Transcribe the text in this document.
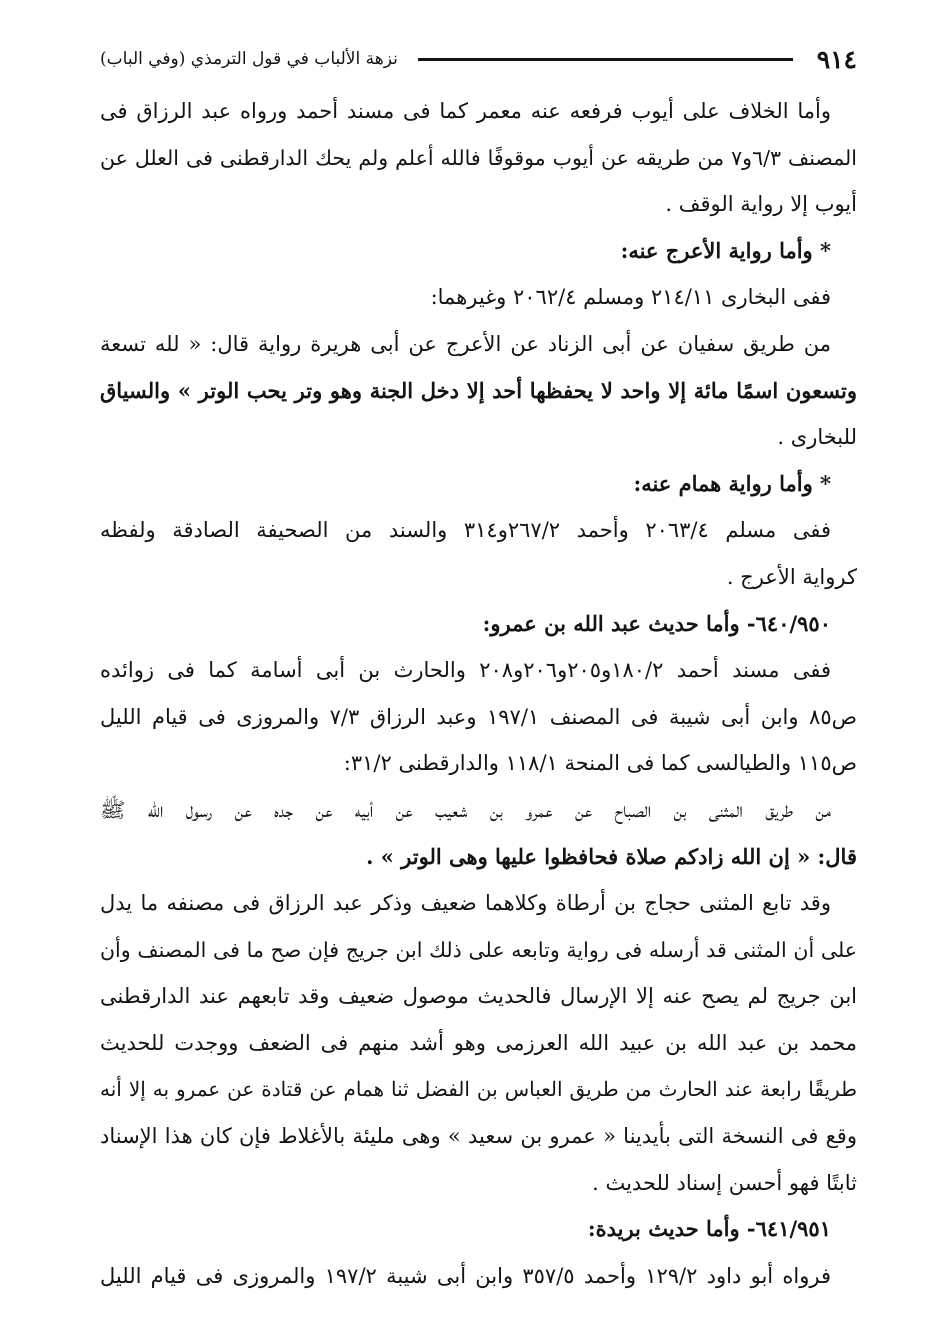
٩١٤
نزهة الألباب في قول الترمذي (وفي الباب)
وأما الخلاف على أيوب فرفعه عنه معمر كما فى مسند أحمد ورواه عبد الرزاق فى
المصنف ٦/٣و٧ من طريقه عن أيوب موقوفًا فالله أعلم ولم يحك الدارقطنى فى العلل عن
أيوب إلا رواية الوقف .
* وأما رواية الأعرج عنه:
ففى البخارى ٢١٤/١١ ومسلم ٢٠٦٢/٤ وغيرهما:
من طريق سفيان عن أبى الزناد عن الأعرج عن أبى هريرة رواية قال: « لله تسعة
وتسعون اسمًا مائة إلا واحد لا يحفظها أحد إلا دخل الجنة وهو وتر يحب الوتر » والسياق
للبخارى .
* وأما رواية همام عنه:
ففى مسلم ٢٠٦٣/٤ وأحمد ٢٦٧/٢و٣١٤ والسند من الصحيفة الصادقة ولفظه
كرواية الأعرج .
٦٤٠/٩٥٠- وأما حديث عبد الله بن عمرو:
ففى مسند أحمد ١٨٠/٢و٢٠٥و٢٠٦و٢٠٨ والحارث بن أبى أسامة كما فى زوائده
ص٨٥ وابن أبى شيبة فى المصنف ١٩٧/١ وعبد الرزاق ٧/٣ والمروزى فى قيام الليل
ص١١٥ والطيالسى كما فى المنحة ١١٨/١ والدارقطنى ٣١/٢:
من طريق المثنى بن الصباح عن عمرو بن شعيب عن أبيه عن جده عن رسول الله ﷺ
قال: « إن الله زادكم صلاة فحافظوا عليها وهى الوتر » .
وقد تابع المثنى حجاج بن أرطاة وكلاهما ضعيف وذكر عبد الرزاق فى مصنفه ما يدل
على أن المثنى قد أرسله فى رواية وتابعه على ذلك ابن جريج فإن صح ما فى المصنف وأن
ابن جريج لم يصح عنه إلا الإرسال فالحديث موصول ضعيف وقد تابعهم عند الدارقطنى
محمد بن عبد الله بن عبيد الله العرزمى وهو أشد منهم فى الضعف ووجدت للحديث
طريقًا رابعة عند الحارث من طريق العباس بن الفضل ثنا همام عن قتادة عن عمرو به إلا أنه
وقع فى النسخة التى بأيدينا « عمرو بن سعيد » وهى مليئة بالأغلاط فإن كان هذا الإسناد
ثابتًا فهو أحسن إسناد للحديث .
٦٤١/٩٥١- وأما حديث بريدة:
فرواه أبو داود ١٢٩/٢ وأحمد ٣٥٧/٥ وابن أبى شيبة ١٩٧/٢ والمروزى فى قيام الليل
